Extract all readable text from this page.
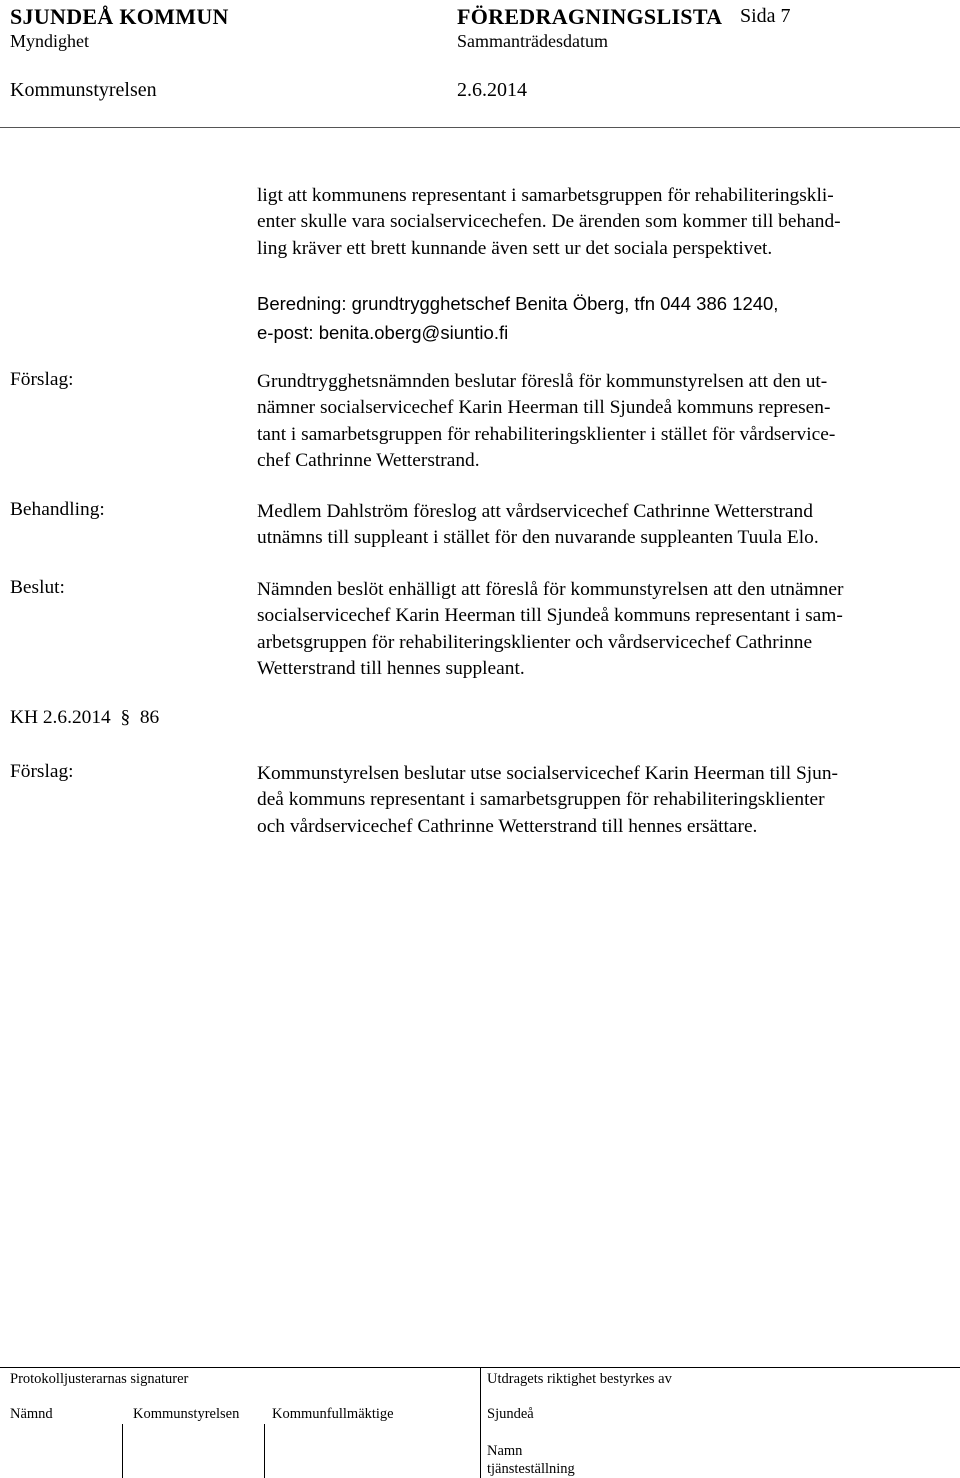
SJUNDEÅ KOMMUN	FÖREDRAGNINGSLISTA Sida 7
Myndighet	Sammanträdesdatum
Kommunstyrelsen	2.6.2014
ligt att kommunens representant i samarbetsgruppen för rehabiliteringskli-
enter skulle vara socialservicechefen. De ärenden som kommer till behand-
ling kräver ett brett kunnande även sett ur det sociala perspektivet.
Beredning: grundtrygghetschef Benita Öberg, tfn 044 386 1240,
e-post: benita.oberg@siuntio.fi
Förslag:	Grundtrygghetsnämnden beslutar föreslå för kommunstyrelsen att den ut-
nämner socialservicechef Karin Heerman till Sjundeå kommuns represen-
tant i samarbetsgruppen för rehabiliteringsklienter i stället för vårdservice-
chef Cathrinne Wetterstrand.
Behandling:	Medlem Dahlström föreslog att vårdservicechef Cathrinne Wetterstrand
utnämns till suppleant i stället för den nuvarande suppleanten Tuula Elo.
Beslut:	Nämnden beslöt enhälligt att föreslå för kommunstyrelsen att den utnämner
socialservicechef Karin Heerman till Sjundeå kommuns representant i sam-
arbetsgruppen för rehabiliteringsklienter och vårdservicechef Cathrinne
Wetterstrand till hennes suppleant.
KH 2.6.2014  §  86
Förslag:	Kommunstyrelsen beslutar utse socialservicechef Karin Heerman till Sjun-
deå kommuns representant i samarbetsgruppen för rehabiliteringsklienter
och vårdservicechef Cathrinne Wetterstrand till hennes ersättare.
Protokolljusterarnas signaturer	Utdragets riktighet bestyrkes av
Nämnd	Kommunstyrelsen Kommunfullmäktige	Sjundeå
Namn
tjänsteställning
